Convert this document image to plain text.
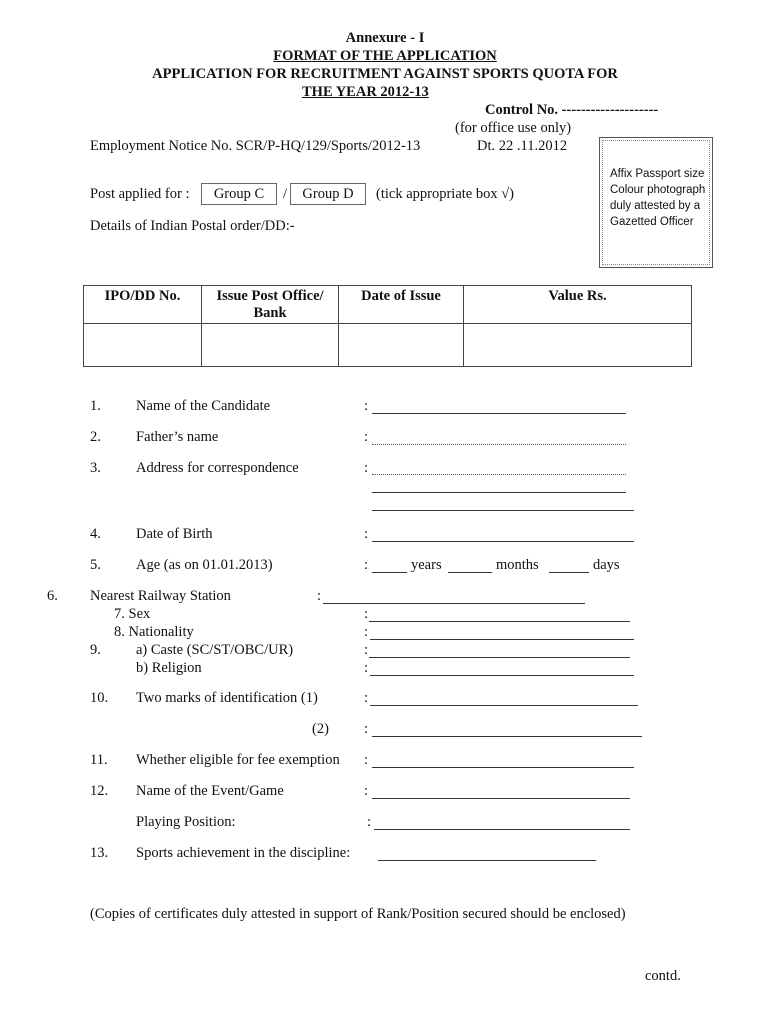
Annexure - I
FORMAT OF THE APPLICATION
APPLICATION FOR RECRUITMENT AGAINST SPORTS QUOTA FOR
THE YEAR 2012-13
Control No. --------------------
(for office use only)
Employment Notice No. SCR/P-HQ/129/Sports/2012-13	Dt. 22 .11.2012
Affix Passport size Colour photograph duly attested by a Gazetted Officer
Post applied for :	Group C	/	Group D	(tick appropriate box √)
Details of Indian Postal order/DD:-
IPO/DD No.	Issue Post Office/ Bank	Date of Issue	Value Rs.

1. Name of the Candidate	:
2. Father’s name	:
3. Address for correspondence	:
4. Date of Birth	:
5. Age (as on 01.01.2013)	:	years	months	days
6. Nearest Railway Station	:
7. Sex	:
8. Nationality	:
9. a) Caste (SC/ST/OBC/UR)	:
b) Religion	:
10. Two marks of identification (1)	:
(2) :
11. Whether eligible for fee exemption :
12. Name of the Event/Game	:
Playing Position:	:
13. Sports achievement in the discipline:
(Copies of certificates duly attested in support of Rank/Position secured should be enclosed)
contd.
